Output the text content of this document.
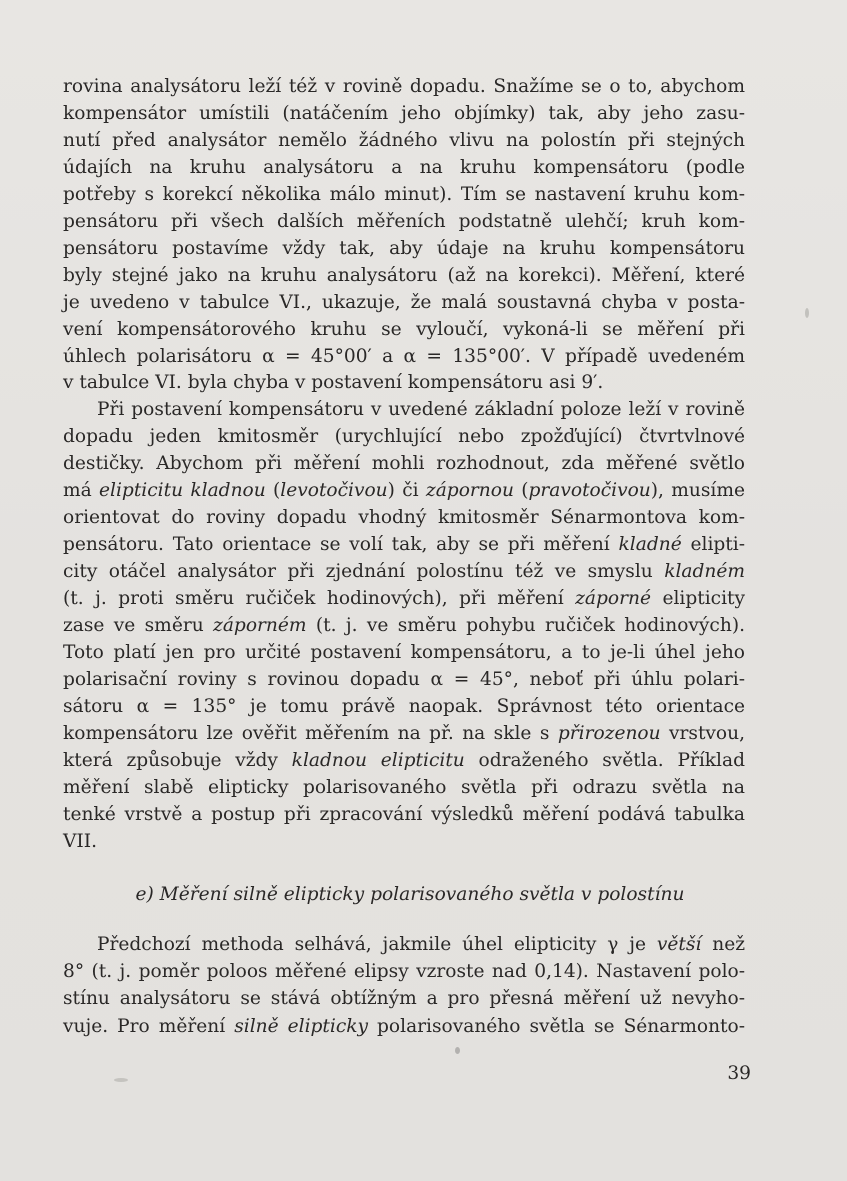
rovina analysátoru leží též v rovině dopadu. Snažíme se o to, abychom
kompensátor umístili (natáčením jeho objímky) tak, aby jeho zasu-
nutí před analysátor nemělo žádného vlivu na polostín při stejných
údajích na kruhu analysátoru a na kruhu kompensátoru (podle
potřeby s korekcí několika málo minut). Tím se nastavení kruhu kom-
pensátoru při všech dalších měřeních podstatně ulehčí; kruh kom-
pensátoru postavíme vždy tak, aby údaje na kruhu kompensátoru
byly stejné jako na kruhu analysátoru (až na korekci). Měření, které
je uvedeno v tabulce VI., ukazuje, že malá soustavná chyba v posta-
vení kompensátorového kruhu se vyloučí, vykoná-li se měření při
úhlech polarisátoru α = 45°00′ a α = 135°00′. V případě uvedeném
v tabulce VI. byla chyba v postavení kompensátoru asi 9′.
Při postavení kompensátoru v uvedené základní poloze leží v rovině
dopadu jeden kmitosměr (urychlující nebo zpožďující) čtvrtvlnové
destičky. Abychom při měření mohli rozhodnout, zda měřené světlo
má elipticitu kladnou (levotočivou) či zápornou (pravotočivou), musíme
orientovat do roviny dopadu vhodný kmitosměr Sénarmontova kom-
pensátoru. Tato orientace se volí tak, aby se při měření kladné elipti-
city otáčel analysátor při zjednání polostínu též ve smyslu kladném
(t. j. proti směru ručiček hodinových), při měření záporné elipticity
zase ve směru záporném (t. j. ve směru pohybu ručiček hodinových).
Toto platí jen pro určité postavení kompensátoru, a to je-li úhel jeho
polarisační roviny s rovinou dopadu α = 45°, neboť při úhlu polari-
sátoru α = 135° je tomu právě naopak. Správnost této orientace
kompensátoru lze ověřit měřením na př. na skle s přirozenou vrstvou,
která způsobuje vždy kladnou elipticitu odraženého světla. Příklad
měření slabě elipticky polarisovaného světla při odrazu světla na
tenké vrstvě a postup při zpracování výsledků měření podává tabulka
VII.
e) Měření silně elipticky polarisovaného světla v polostínu
Předchozí methoda selhává, jakmile úhel elipticity γ je větší než
8° (t. j. poměr poloos měřené elipsy vzroste nad 0,14). Nastavení polo-
stínu analysátoru se stává obtížným a pro přesná měření už nevyho-
vuje. Pro měření silně elipticky polarisovaného světla se Sénarmonto-
39
